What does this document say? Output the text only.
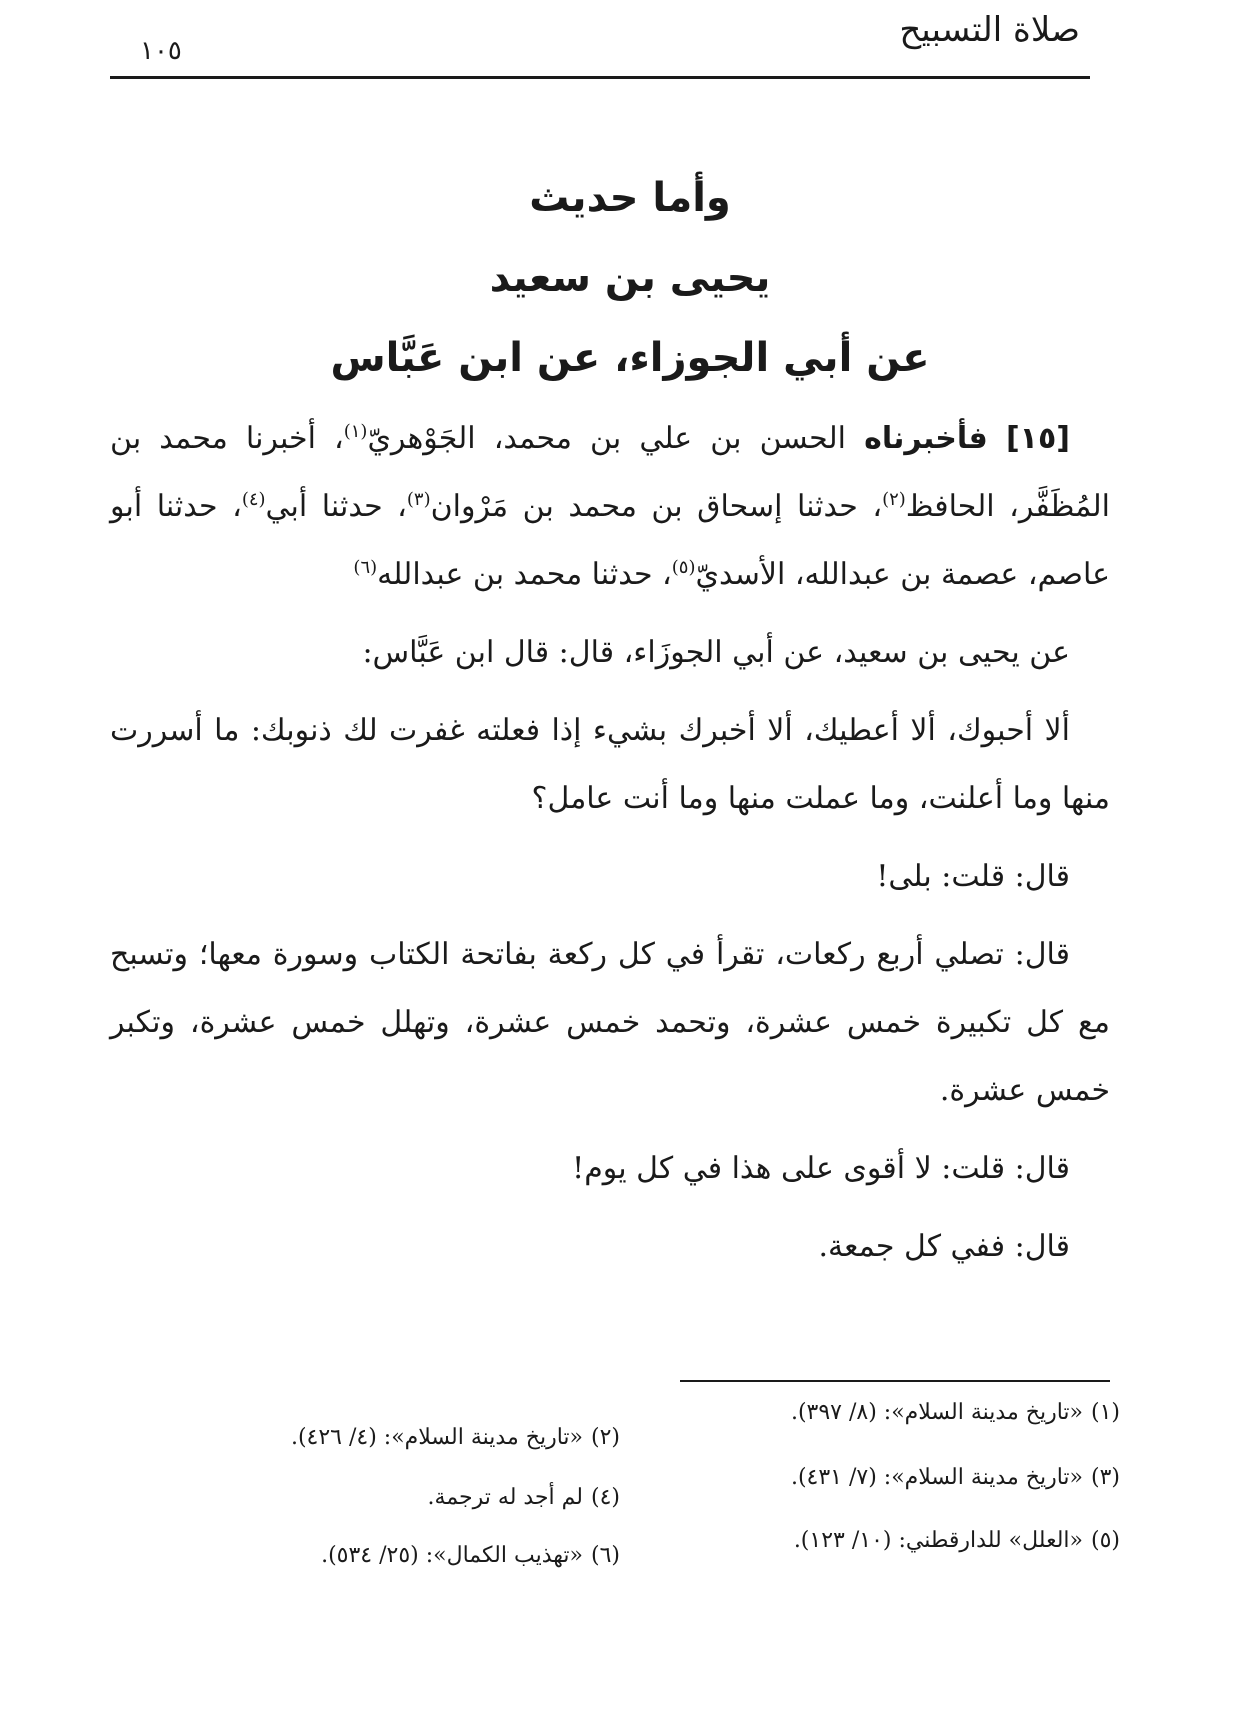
صلاة التسبيح
١٠٥
وأما حديث
يحيى بن سعيد
عن أبي الجوزاء، عن ابن عَبَّاس

[١٥] فأخبرناه الحسن بن علي بن محمد، الجَوْهريّ$^{(١)}$، أخبرنا محمد بن المُظَفَّر، الحافظ$^{(٢)}$، حدثنا إسحاق بن محمد بن مَرْوان$^{(٣)}$، حدثنا أبي$^{(٤)}$، حدثنا أبو عاصم، عصمة بن عبدالله، الأسديّ$^{(٥)}$، حدثنا محمد بن عبدالله$^{(٦)}$

عن يحيى بن سعيد، عن أبي الجوزَاء، قال: قال ابن عَبَّاس:

ألا أحبوك، ألا أعطيك، ألا أخبرك بشيء إذا فعلته غفرت لك ذنوبك: ما أسررت منها وما أعلنت، وما عملت منها وما أنت عامل؟

قال: قلت: بلى!

قال: تصلي أربع ركعات، تقرأ في كل ركعة بفاتحة الكتاب وسورة معها؛ وتسبح مع كل تكبيرة خمس عشرة، وتحمد خمس عشرة، وتهلل خمس عشرة، وتكبر خمس عشرة.

قال: قلت: لا أقوى على هذا في كل يوم!

قال: ففي كل جمعة.

(١)«تاريخ مدينة السلام»: (٨/ ٣٩٧).
(٢)«تاريخ مدينة السلام»: (٤/ ٤٢٦).
(٣)«تاريخ مدينة السلام»: (٧/ ٤٣١).
(٤)لم أجد له ترجمة.
(٥)«العلل» للدارقطني: (١٠/ ١٢٣).
(٦)«تهذيب الكمال»: (٢٥/ ٥٣٤).
